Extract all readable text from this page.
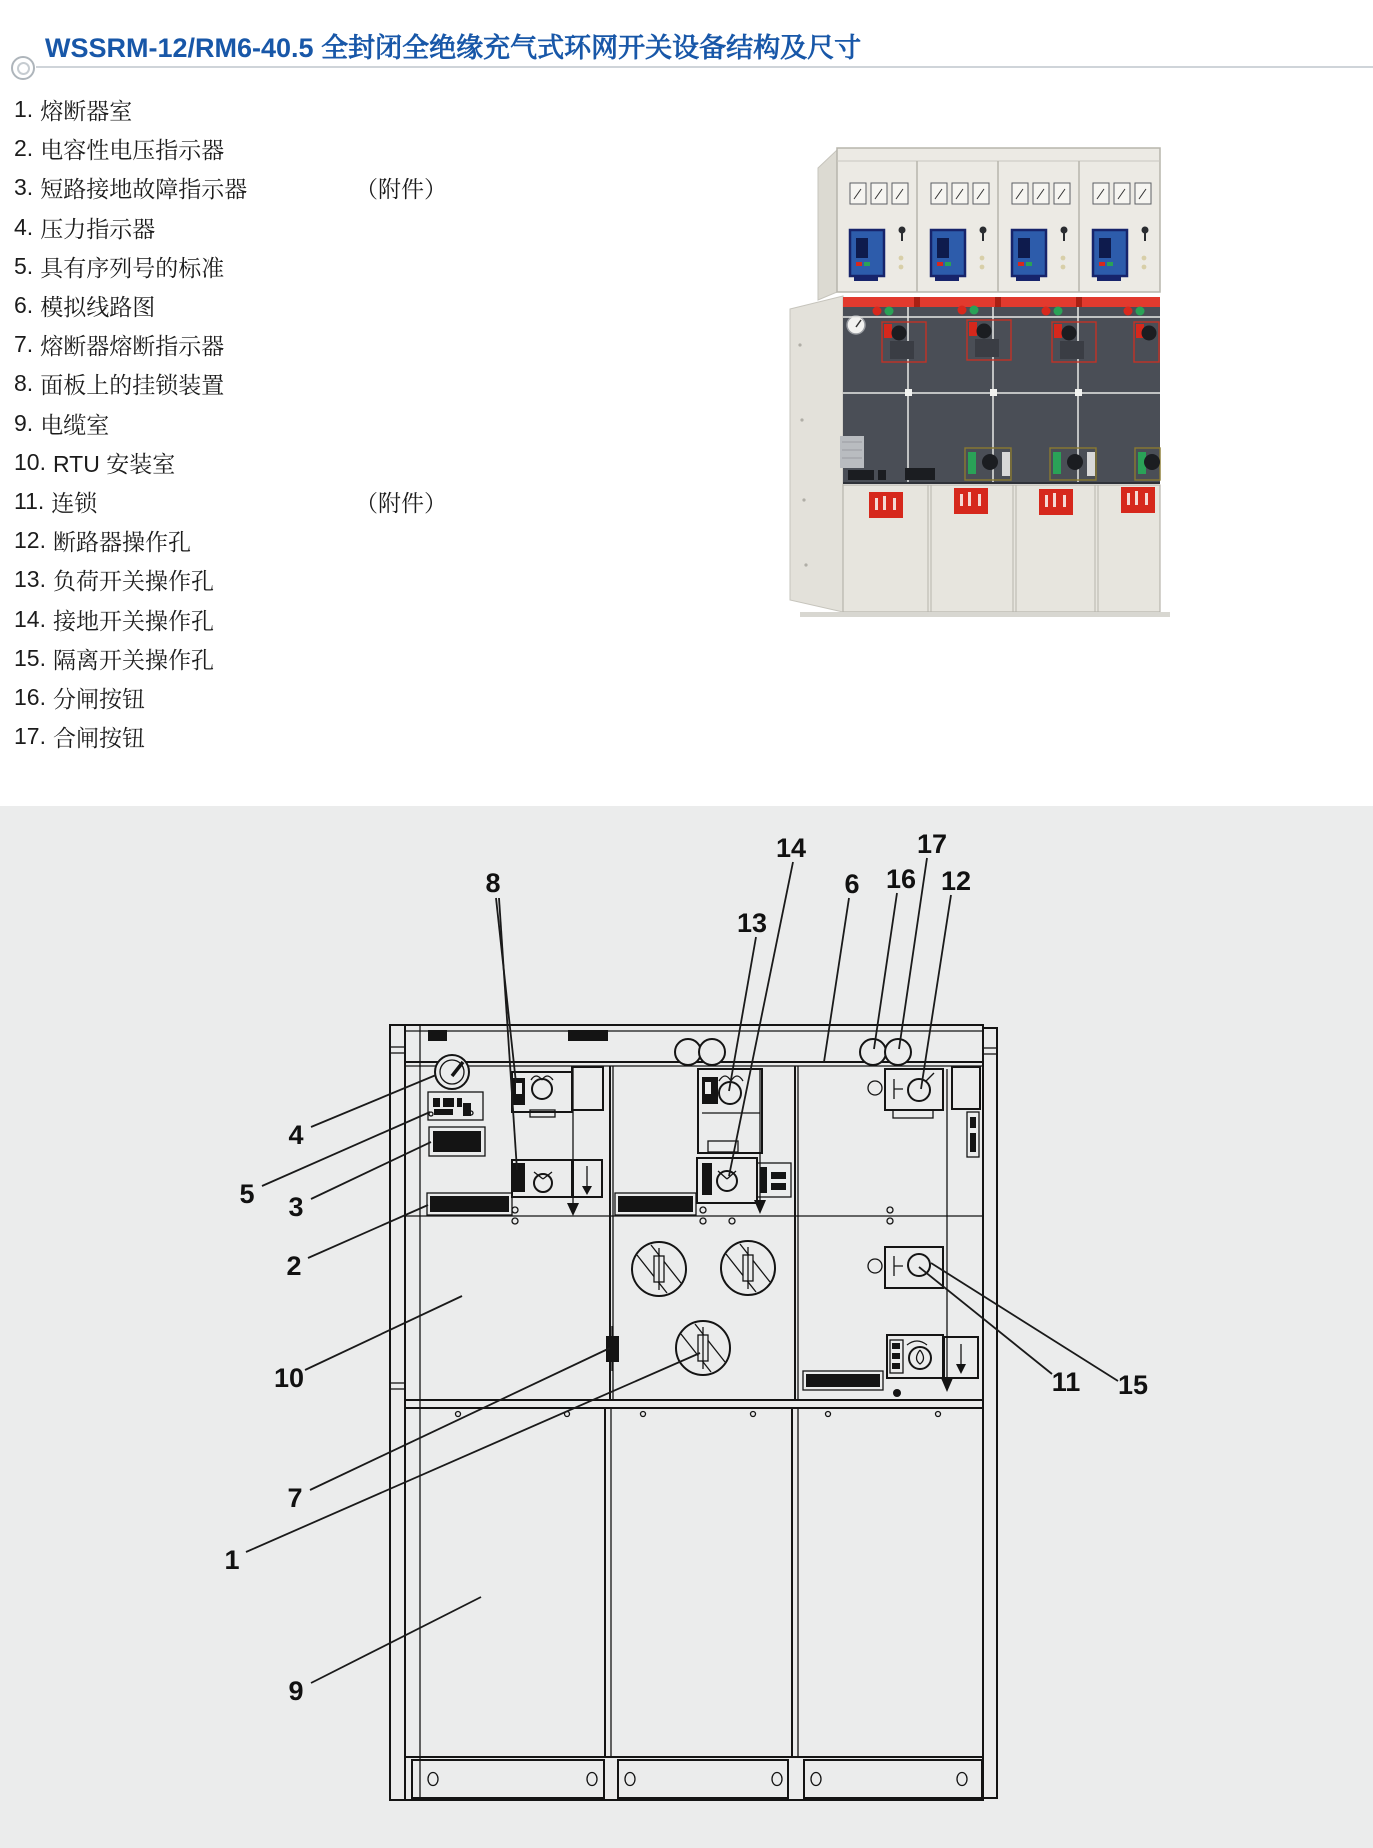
WSSRM-12/RM6-40.5 全封闭全绝缘充气式环网开关设备结构及尺寸
1. 熔断器室
2. 电容性电压指示器
3. 短路接地故障指示器	（附件）
4. 压力指示器
5. 具有序列号的标准
6. 模拟线路图
7. 熔断器熔断指示器
8. 面板上的挂锁装置
9. 电缆室
10. RTU 安装室
11. 连锁	（附件）
12. 断路器操作孔
13. 负荷开关操作孔
14. 接地开关操作孔
15. 隔离开关操作孔
16. 分闸按钮
17. 合闸按钮
1
2
3
4
5
6
7
8
9
10	11
12
13
14
15
16
17
